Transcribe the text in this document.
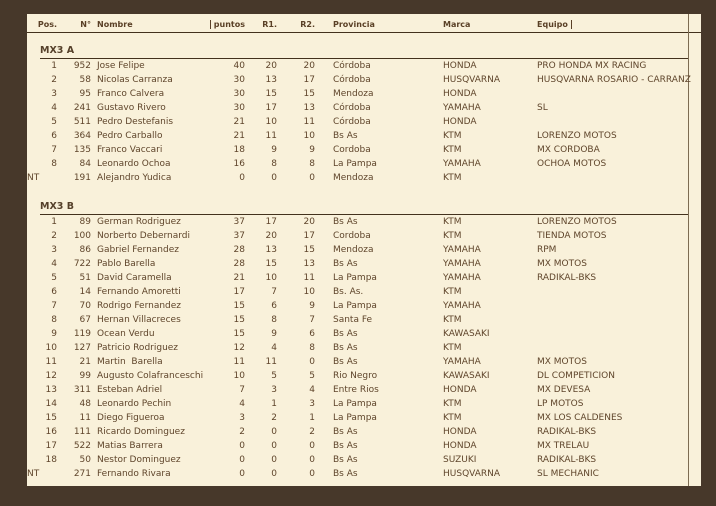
Pos.	N° Nombre	puntos	R1.	R2.	Provincia	Marca	Equipo
MX3 A
1	952 Jose Felipe	40	20	20	Córdoba	HONDA	PRO HONDA MX RACING
2	58 Nicolas Carranza	30	13	17	Córdoba	HUSQVARNA	HUSQVARNA ROSARIO - CARRANZ
3	95 Franco Calvera	30	15	15	Mendoza	HONDA
4	241 Gustavo Rivero	30	17	13	Córdoba	YAMAHA	SL
5	511 Pedro Destefanis	21	10	11	Córdoba	HONDA
6	364 Pedro Carballo	21	11	10	Bs As	KTM	LORENZO MOTOS
7	135 Franco Vaccari	18	9	9	Cordoba	KTM	MX CORDOBA
8	84 Leonardo Ochoa	16	8	8	La Pampa	YAMAHA	OCHOA MOTOS
NT	191 Alejandro Yudica	0	0	0	Mendoza	KTM
MX3 B
1	89 German Rodriguez	37	17	20	Bs As	KTM	LORENZO MOTOS
2	100 Norberto Debernardi	37	20	17	Cordoba	KTM	TIENDA MOTOS
3	86 Gabriel Fernandez	28	13	15	Mendoza	YAMAHA	RPM
4	722 Pablo Barella	28	15	13	Bs As	YAMAHA	MX MOTOS
5	51 David Caramella	21	10	11	La Pampa	YAMAHA	RADIKAL-BKS
6	14 Fernando Amoretti	17	7	10	Bs. As.	KTM
7	70 Rodrigo Fernandez	15	6	9	La Pampa	YAMAHA
8	67 Hernan Villacreces	15	8	7	Santa Fe	KTM
9	119 Ocean Verdu	15	9	6	Bs As	KAWASAKI
10	127 Patricio Rodriguez	12	4	8	Bs As	KTM
11	21 Martin  Barella	11	11	0	Bs As	YAMAHA	MX MOTOS
12	99 Augusto Colafranceschi	10	5	5	Rio Negro	KAWASAKI	DL COMPETICION
13	311 Esteban Adriel	7	3	4	Entre Rios	HONDA	MX DEVESA
14	48 Leonardo Pechin	4	1	3	La Pampa	KTM	LP MOTOS
15	11 Diego Figueroa	3	2	1	La Pampa	KTM	MX LOS CALDENES
16	111 Ricardo Dominguez	2	0	2	Bs As	HONDA	RADIKAL-BKS
17	522 Matias Barrera	0	0	0	Bs As	HONDA	MX TRELAU
18	50 Nestor Dominguez	0	0	0	Bs As	SUZUKI	RADIKAL-BKS
NT	271 Fernando Rivara	0	0	0	Bs As	HUSQVARNA	SL MECHANIC
